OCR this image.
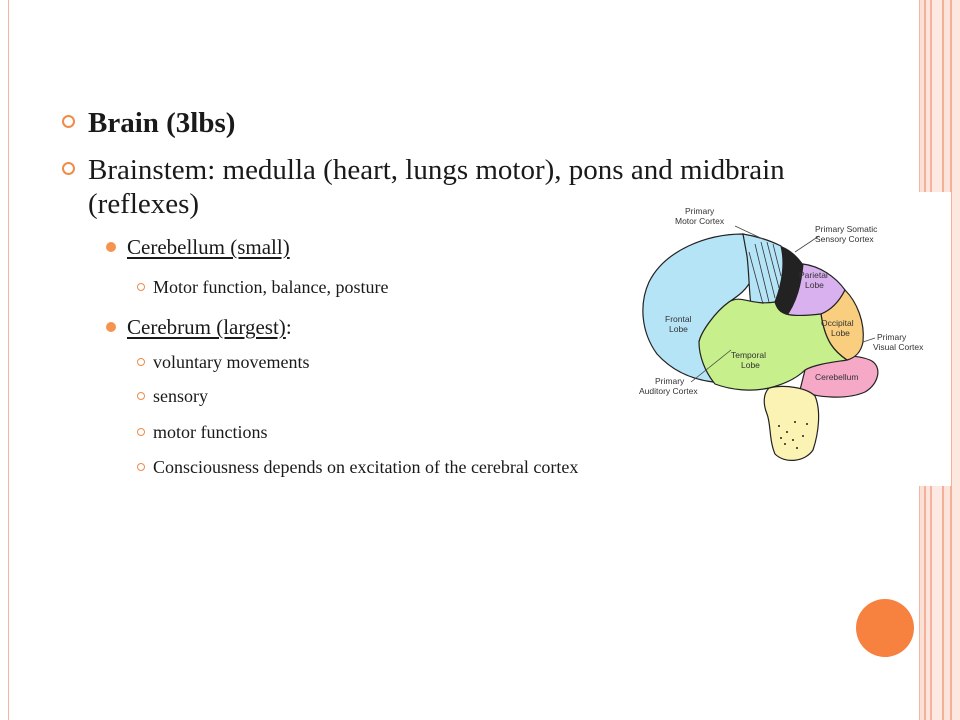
Brain (3lbs)
Brainstem: medulla (heart, lungs motor), pons and midbrain (reflexes)
Cerebellum (small)
Motor function, balance, posture
Cerebrum (largest):
voluntary movements
sensory
motor functions
Primary
Motor Cortex
Primary Somatic
Sensory Cortex
Parietal
Lobe
Frontal
Lobe
Occipital
Lobe	Primary
Visual Cortex
Temporal
Lobe
Primary
Auditory Cortex
Cerebellum
Consciousness depends on excitation of the cerebral cortex
